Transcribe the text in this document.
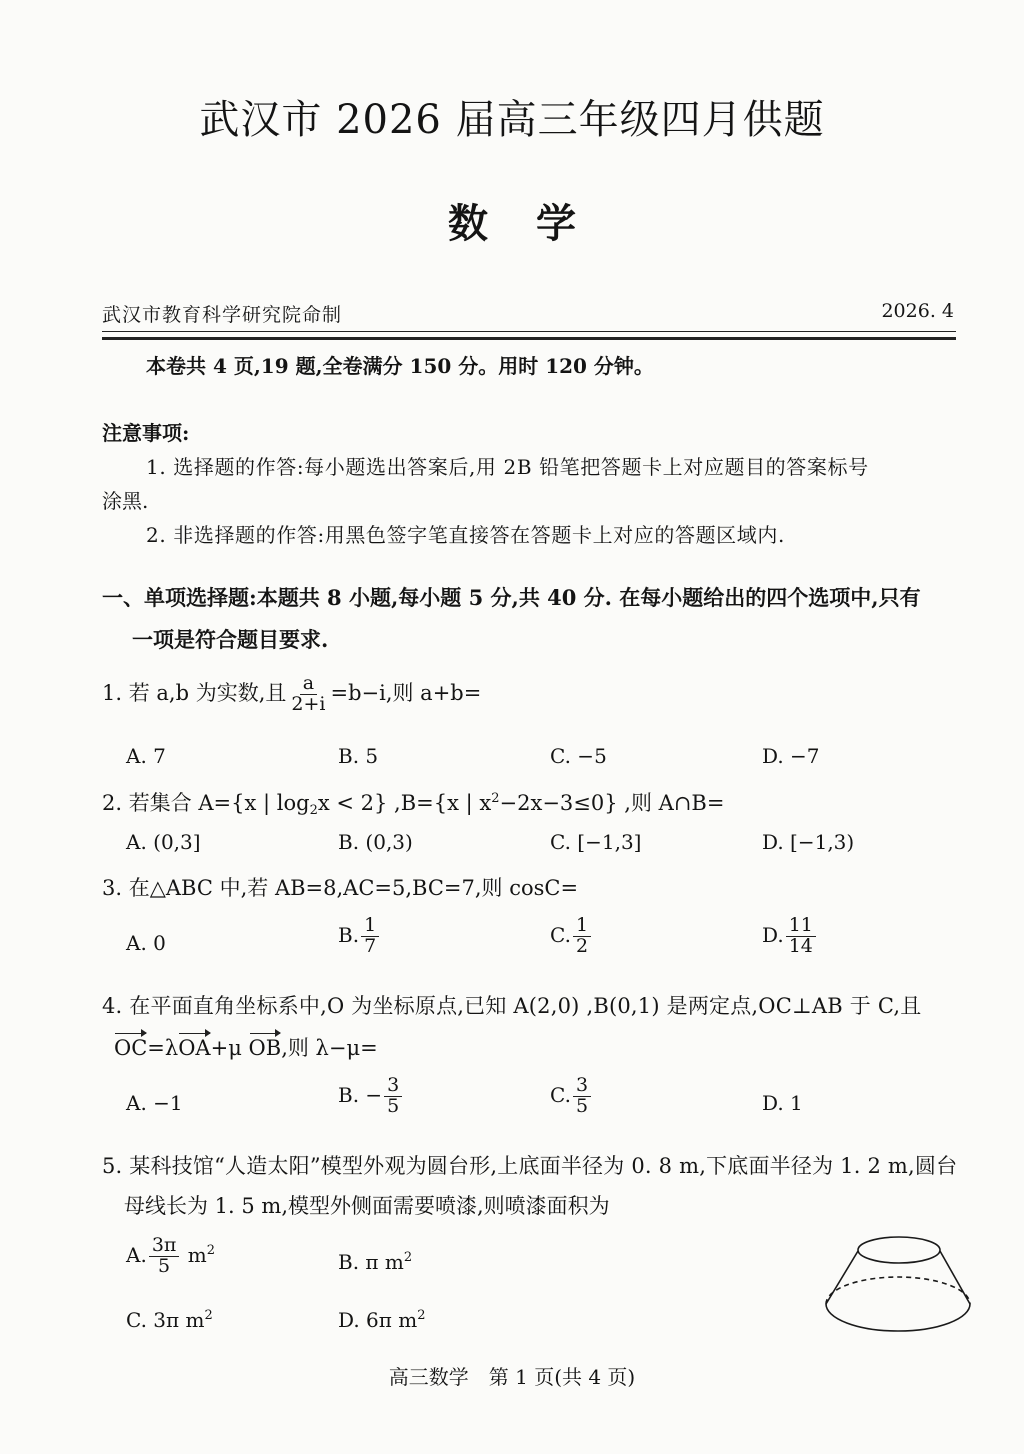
武汉市 2026 届高三年级四月供题
数学
武汉市教育科学研究院命制	2026. 4
本卷共 4 页,19 题,全卷满分 150 分。用时 120 分钟。
注意事项:
1. 选择题的作答:每小题选出答案后,用 2B 铅笔把答题卡上对应题目的答案标号
涂黑.
2. 非选择题的作答:用黑色签字笔直接答在答题卡上对应的答题区域内.
一、单项选择题:本题共 8 小题,每小题 5 分,共 40 分. 在每小题给出的四个选项中,只有
一项是符合题目要求.
1. 若 a,b 为实数,且 $\frac{a}{2+i} =b-i$,则 a+b=
A. 7	B. 5	C. −5	D. −7
2. 若集合 A={x | $\log_2x < 2$} ,B={x | $x^2-2x-3\le 0$} ,则 A∩B=
A. (0,3]	B. (0,3)	C. [−1,3]	D. [−1,3)
3. 在△ABC 中,若 AB=8,AC=5,BC=7,则 cosC=
A. 0	B. $\frac{1}{7}$	C. $\frac{1}{2}$	D. $\frac{11}{14}$
4. 在平面直角坐标系中,O 为坐标原点,已知 A(2,0) ,B(0,1) 是两定点,OC⊥AB 于 C,且
OC=λOA+μ OB,则 λ−μ=
A. −1	B. − $\frac{3}{5}$	C. $\frac{3}{5}$	D. 1
5. 某科技馆“人造太阳”模型外观为圆台形,上底面半径为 0. 8 m,下底面半径为 1. 2 m,圆台
母线长为 1. 5 m,模型外侧面需要喷漆,则喷漆面积为
A. $\frac{3\pi}{5} m^2$	B. π $m^2$
C. 3π $m^2$	D. 6π $m^2$
高三数学　第 1 页(共 4 页)
